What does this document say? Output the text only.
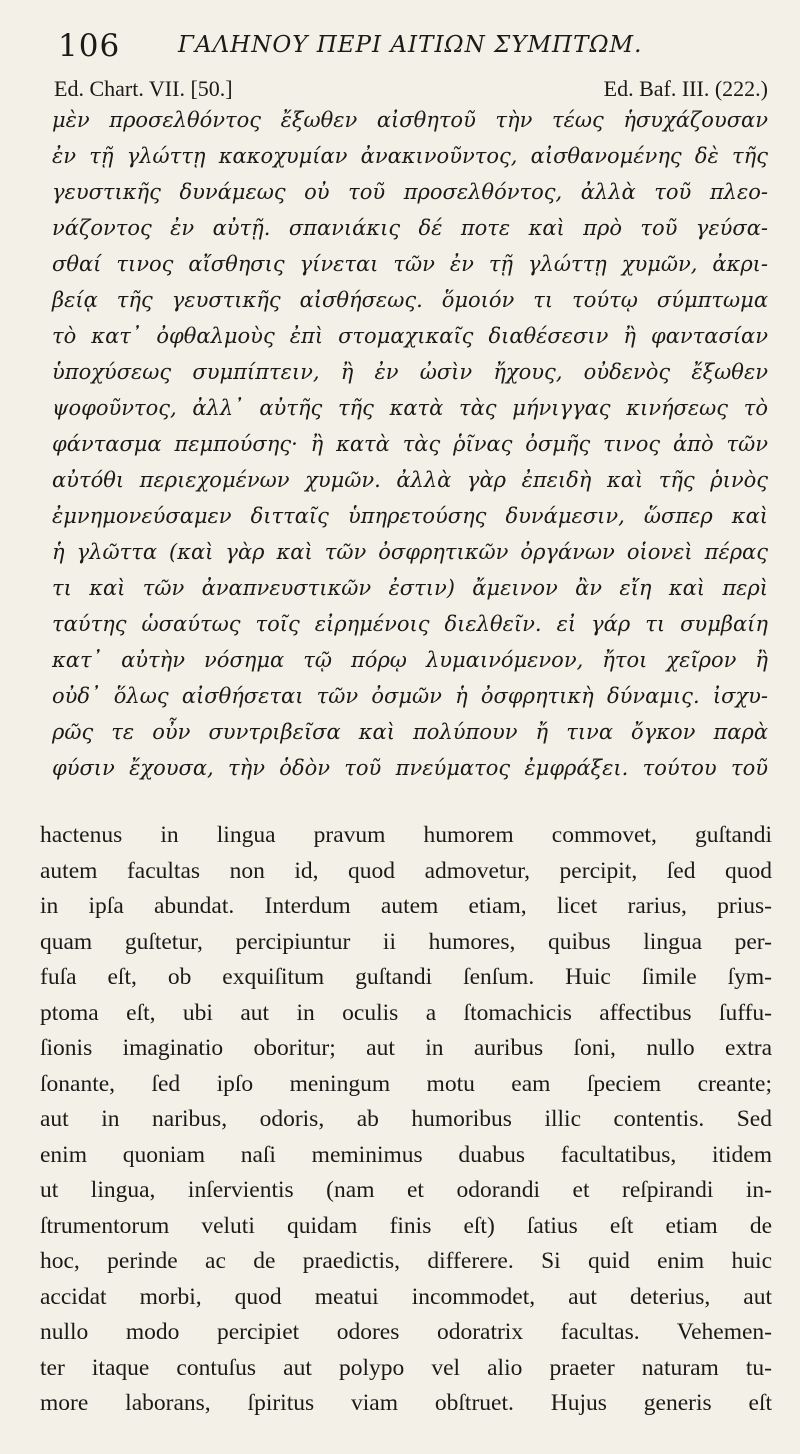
106	ΓΑΛΗΝΟΥ ΠΕΡΙ ΑΙΤΙΩΝ ΣΥΜΠΤΩΜ.
Ed. Chart. VII. [50.]	Ed. Baf. III. (222.)
μὲν προσελθόντος ἔξωθεν αἰσθητοῦ τὴν τέως ἡσυχάζουσαν
ἐν τῇ γλώττῃ κακοχυμίαν ἀνακινοῦντος, αἰσθανομένης δὲ τῆς
γευστικῆς δυνάμεως οὐ τοῦ προσελθόντος, ἀλλὰ τοῦ πλεο-
νάζοντος ἐν αὐτῇ. σπανιάκις δέ ποτε καὶ πρὸ τοῦ γεύσα-
σθαί τινος αἴσθησις γίνεται τῶν ἐν τῇ γλώττῃ χυμῶν, ἀκρι-
βείᾳ τῆς γευστικῆς αἰσθήσεως. ὅμοιόν τι τούτῳ σύμπτωμα
τὸ κατ᾽ ὀφθαλμοὺς ἐπὶ στομαχικαῖς διαθέσεσιν ἢ φαντασίαν
ὑποχύσεως συμπίπτειν, ἢ ἐν ὠσὶν ἤχους, οὐδενὸς ἔξωθεν
ψοφοῦντος, ἀλλ᾽ αὐτῆς τῆς κατὰ τὰς μήνιγγας κινήσεως τὸ
φάντασμα πεμπούσης· ἢ κατὰ τὰς ῥῖνας ὀσμῆς τινος ἀπὸ τῶν
αὐτόθι περιεχομένων χυμῶν. ἀλλὰ γὰρ ἐπειδὴ καὶ τῆς ῥινὸς
ἐμνημονεύσαμεν διτταῖς ὑπηρετούσης δυνάμεσιν, ὥσπερ καὶ
ἡ γλῶττα (καὶ γὰρ καὶ τῶν ὀσφρητικῶν ὀργάνων οἱονεὶ πέρας
τι καὶ τῶν ἀναπνευστικῶν ἐστιν) ἄμεινον ἂν εἴη καὶ περὶ
ταύτης ὡσαύτως τοῖς εἰρημένοις διελθεῖν. εἰ γάρ τι συμβαίη
κατ᾽ αὐτὴν νόσημα τῷ πόρῳ λυμαινόμενον, ἤτοι χεῖρον ἢ
οὐδ᾽ ὅλως αἰσθήσεται τῶν ὀσμῶν ἡ ὀσφρητικὴ δύναμις. ἰσχυ-
ρῶς τε οὖν συντριβεῖσα καὶ πολύπουν ἤ τινα ὄγκον παρὰ
φύσιν ἔχουσα, τὴν ὁδὸν τοῦ πνεύματος ἐμφράξει. τούτου τοῦ
hactenus in lingua pravum humorem commovet, guſtandi
autem facultas non id, quod admovetur, percipit, ſed quod
in ipſa abundat. Interdum autem etiam, licet rarius, prius-
quam guſtetur, percipiuntur ii humores, quibus lingua per-
fuſa eſt, ob exquiſitum guſtandi ſenſum. Huic ſimile ſym-
ptoma eſt, ubi aut in oculis a ſtomachicis affectibus ſuffu-
ſionis imaginatio oboritur; aut in auribus ſoni, nullo extra
ſonante, ſed ipſo meningum motu eam ſpeciem creante;
aut in naribus, odoris, ab humoribus illic contentis. Sed
enim quoniam naſi meminimus duabus facultatibus, itidem
ut lingua, inſervientis (nam et odorandi et reſpirandi in-
ſtrumentorum veluti quidam finis eſt) ſatius eſt etiam de
hoc, perinde ac de praedictis, differere. Si quid enim huic
accidat morbi, quod meatui incommodet, aut deterius, aut
nullo modo percipiet odores odoratrix facultas. Vehemen-
ter itaque contuſus aut polypo vel alio praeter naturam tu-
more laborans, ſpiritus viam obſtruet. Hujus generis eſt
